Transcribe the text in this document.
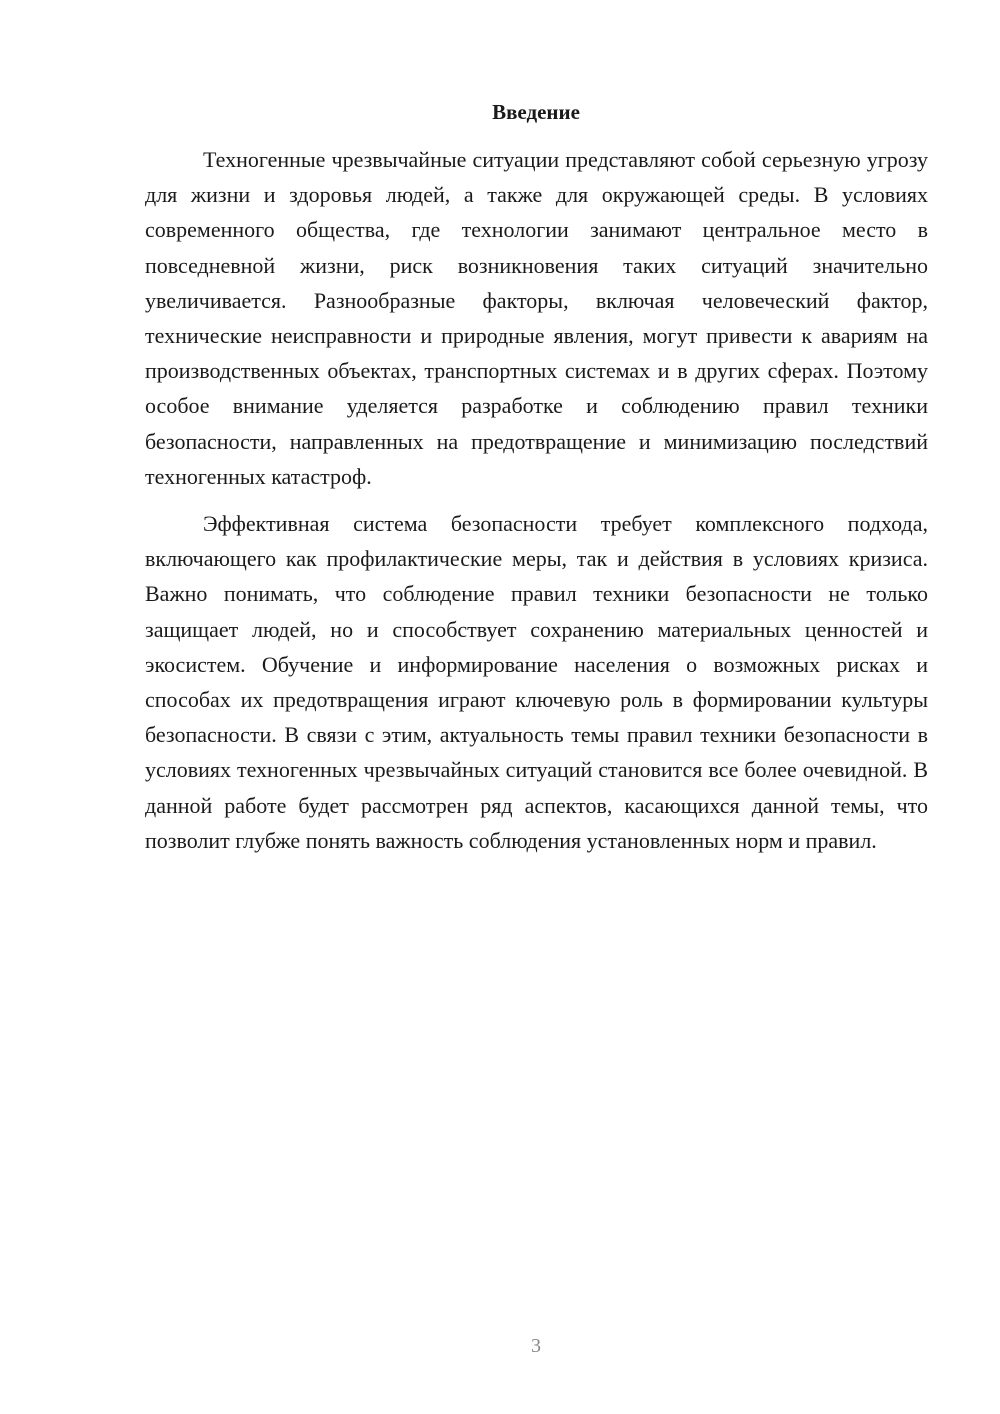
Введение

Техногенные чрезвычайные ситуации представляют собой серьезную угрозу для жизни и здоровья людей, а также для окружающей среды. В условиях современного общества, где технологии занимают центральное место в повседневной жизни, риск возникновения таких ситуаций значительно увеличивается. Разнообразные факторы, включая человеческий фактор, технические неисправности и природные явления, могут привести к авариям на производственных объектах, транспортных системах и в других сферах. Поэтому особое внимание уделяется разработке и соблюдению правил техники безопасности, направленных на предотвращение и минимизацию последствий техногенных катастроф.

Эффективная система безопасности требует комплексного подхода, включающего как профилактические меры, так и действия в условиях кризиса. Важно понимать, что соблюдение правил техники безопасности не только защищает людей, но и способствует сохранению материальных ценностей и экосистем. Обучение и информирование населения о возможных рисках и способах их предотвращения играют ключевую роль в формировании культуры безопасности. В связи с этим, актуальность темы правил техники безопасности в условиях техногенных чрезвычайных ситуаций становится все более очевидной. В данной работе будет рассмотрен ряд аспектов, касающихся данной темы, что позволит глубже понять важность соблюдения установленных норм и правил.

3
